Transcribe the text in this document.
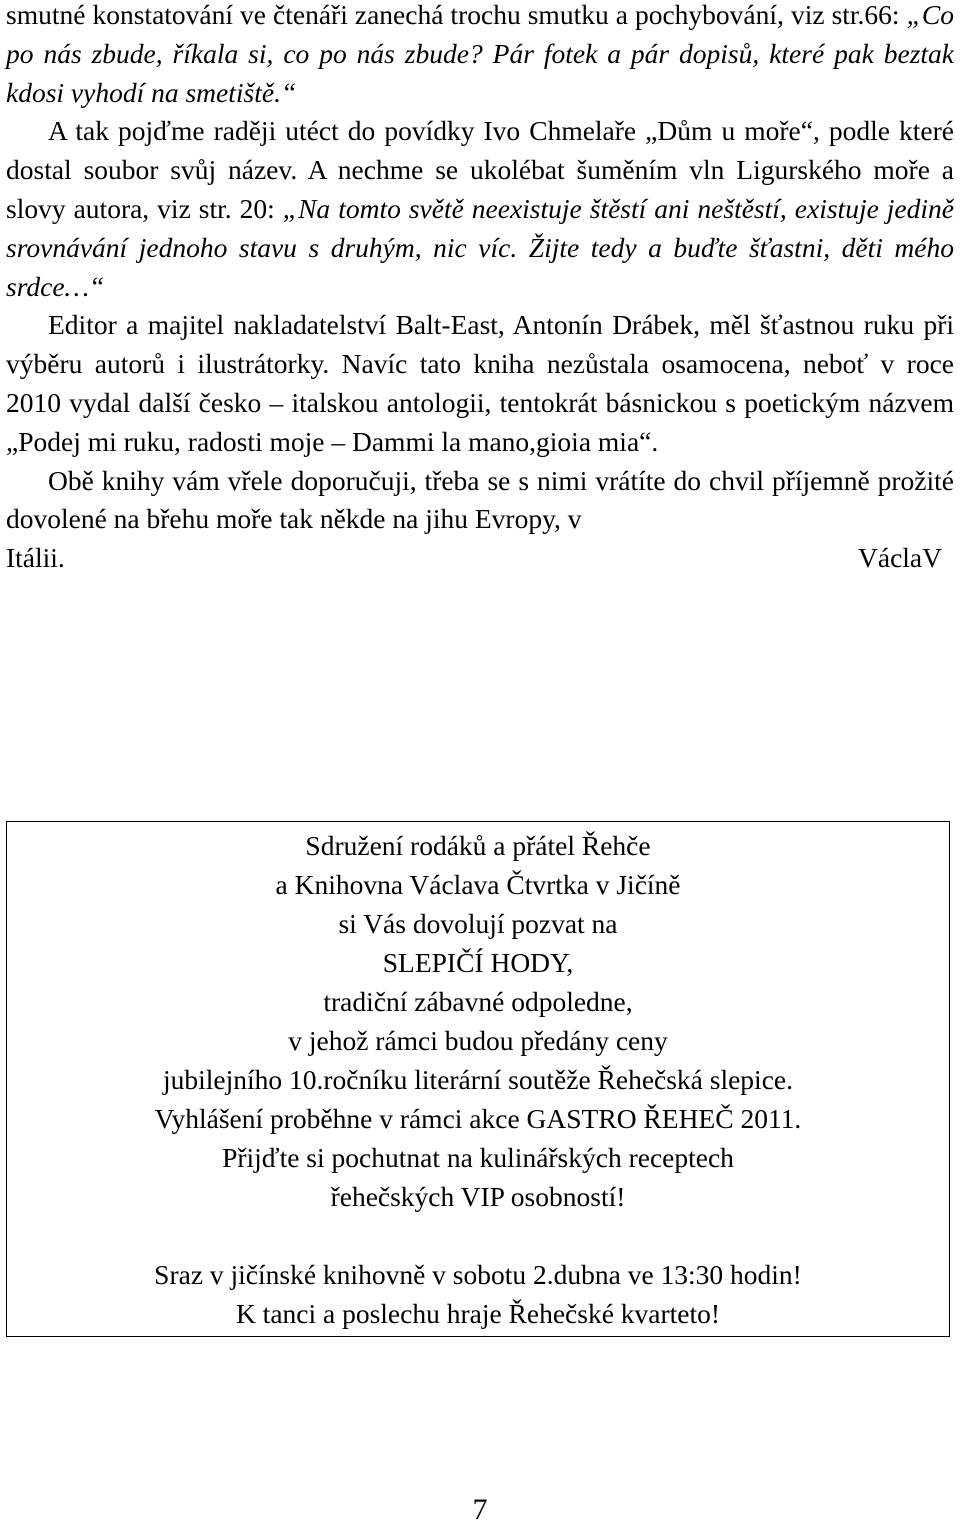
smutné konstatování ve čtenáři zanechá trochu smutku a pochybování, viz str.66: „Co po nás zbude, říkala si, co po nás zbude? Pár fotek a pár dopisů, které pak beztak kdosi vyhodí na smetiště.“

A tak pojďme raději utéct do povídky Ivo Chmelaře „Dům u moře“, podle které dostal soubor svůj název. A nechme se ukolébat šuměním vln Ligurského moře a slovy autora, viz str. 20: „Na tomto světě neexistuje štěstí ani neštěstí, existuje jedině srovnávání jednoho stavu s druhým, nic víc. Žijte tedy a buďte šťastni, děti mého srdce…“

Editor a majitel nakladatelství Balt-East, Antonín Drábek, měl šťastnou ruku při výběru autorů i ilustrátorky. Navíc tato kniha nezůstala osamocena, neboť v roce 2010 vydal další česko – italskou antologii, tentokrát básnickou s poetickým názvem „Podej mi ruku, radosti moje – Dammi la mano,gioia mia“.

Obě knihy vám vřele doporučuji, třeba se s nimi vrátíte do chvil příjemně prožité dovolené na břehu moře tak někde na jihu Evropy, v

Itálii.	VáclaV
Sdružení rodáků a přátel Řehče
a Knihovna Václava Čtvrtka v Jičíně
si Vás dovolují pozvat na
SLEPIČÍ HODY,
tradiční zábavné odpoledne,
v jehož rámci budou předány ceny
jubilejního 10.ročníku literární soutěže Řehečská slepice.
Vyhlášení proběhne v rámci akce GASTRO ŘEHEČ 2011.
Přijďte si pochutnat na kulinářských receptech
řehečských VIP osobností!
Sraz v jičínské knihovně v sobotu 2.dubna ve 13:30 hodin!
K tanci a poslechu hraje Řehečské kvarteto!
7
